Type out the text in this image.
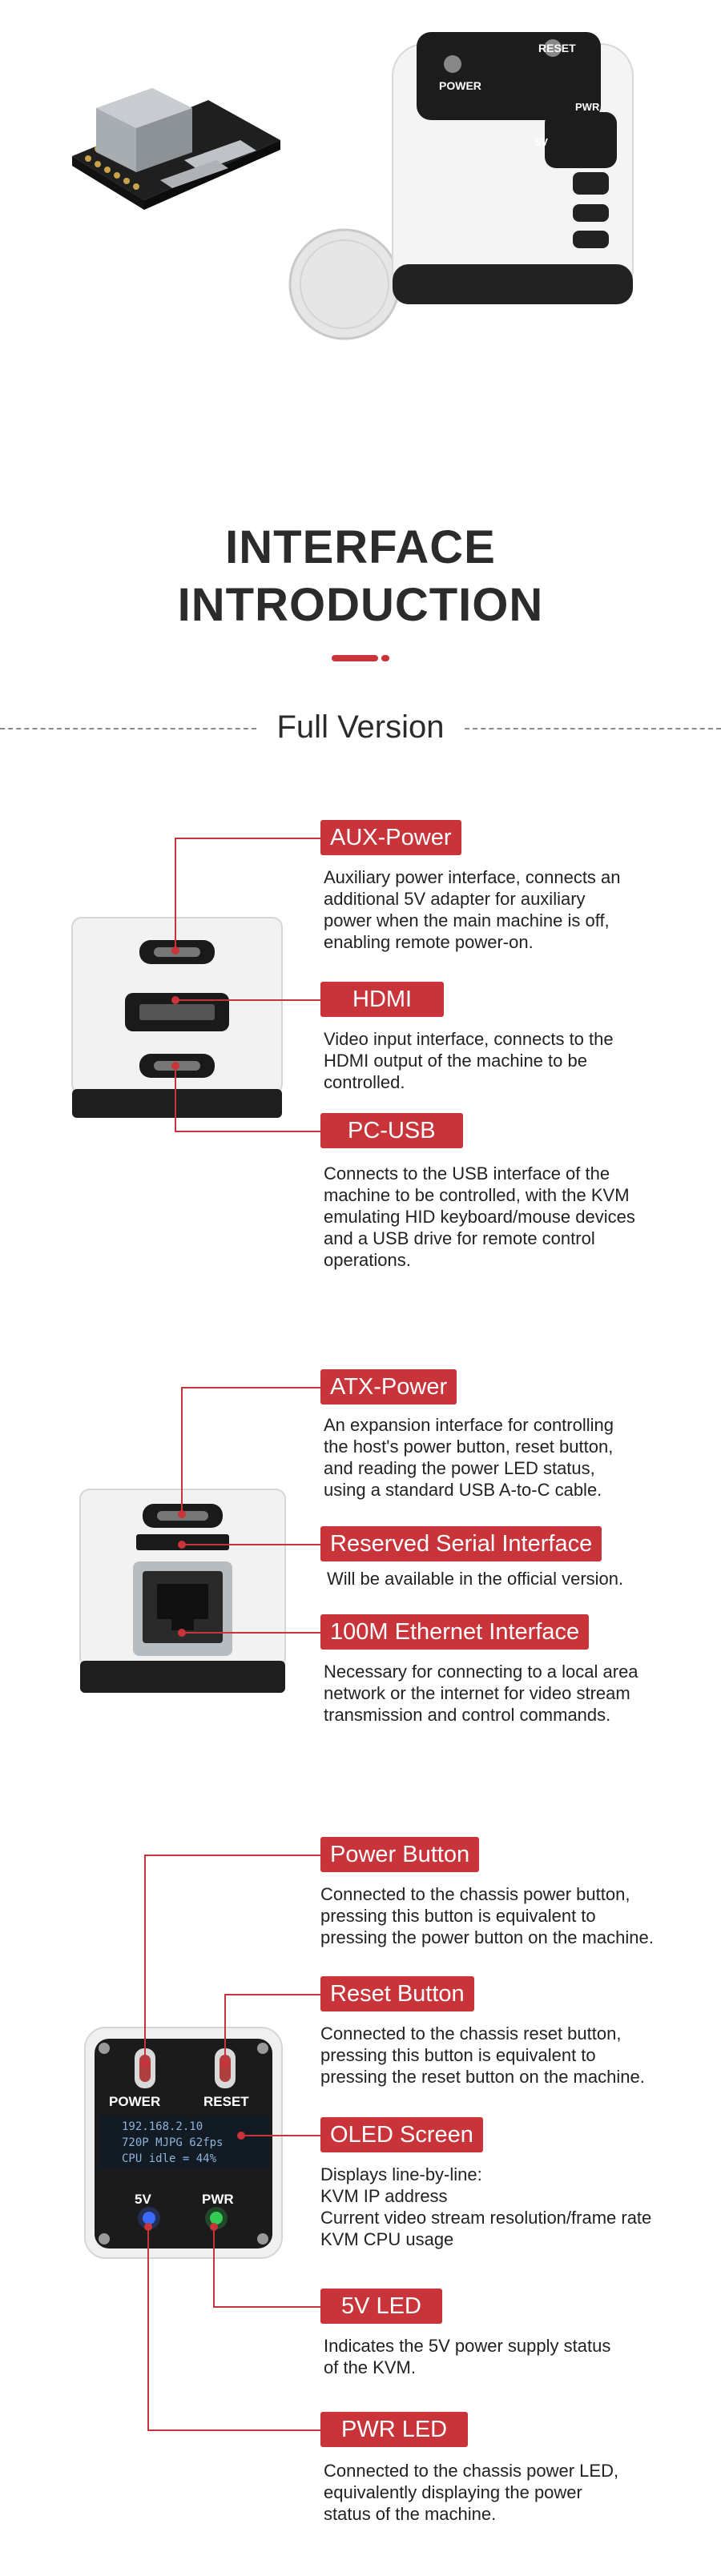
POWER
RESET
5V
PWR
INTERFACE
INTRODUCTION
Full Version
AUX-Power
Auxiliary power interface, connects an
additional 5V adapter for auxiliary
power when the main machine is off,
enabling remote power-on.
HDMI
Video input interface, connects to the
HDMI output of the machine to be
controlled.
PC-USB
Connects to the USB interface of the
machine to be controlled, with the KVM
emulating HID keyboard/mouse devices
and a USB drive for remote control
operations.
ATX-Power
An expansion interface for controlling
the host's power button, reset button,
and reading the power LED status,
using a standard USB A-to-C cable.
Reserved Serial Interface
Will be available in the official version.
100M Ethernet Interface
Necessary for connecting to a local area
network or the internet for video stream
transmission and control commands.
POWER	RESET
192.168.2.10
720P MJPG 62fps
CPU idle = 44%
5V	PWR
Power Button
Connected to the chassis power button,
pressing this button is equivalent to
pressing the power button on the machine.
Reset Button
Connected to the chassis reset button,
pressing this button is equivalent to
pressing the reset button on the machine.
OLED Screen
Displays line-by-line:
KVM IP address
Current video stream resolution/frame rate
KVM CPU usage
5V LED
Indicates the 5V power supply status
of the KVM.
PWR LED
Connected to the chassis power LED,
equivalently displaying the power
status of the machine.
